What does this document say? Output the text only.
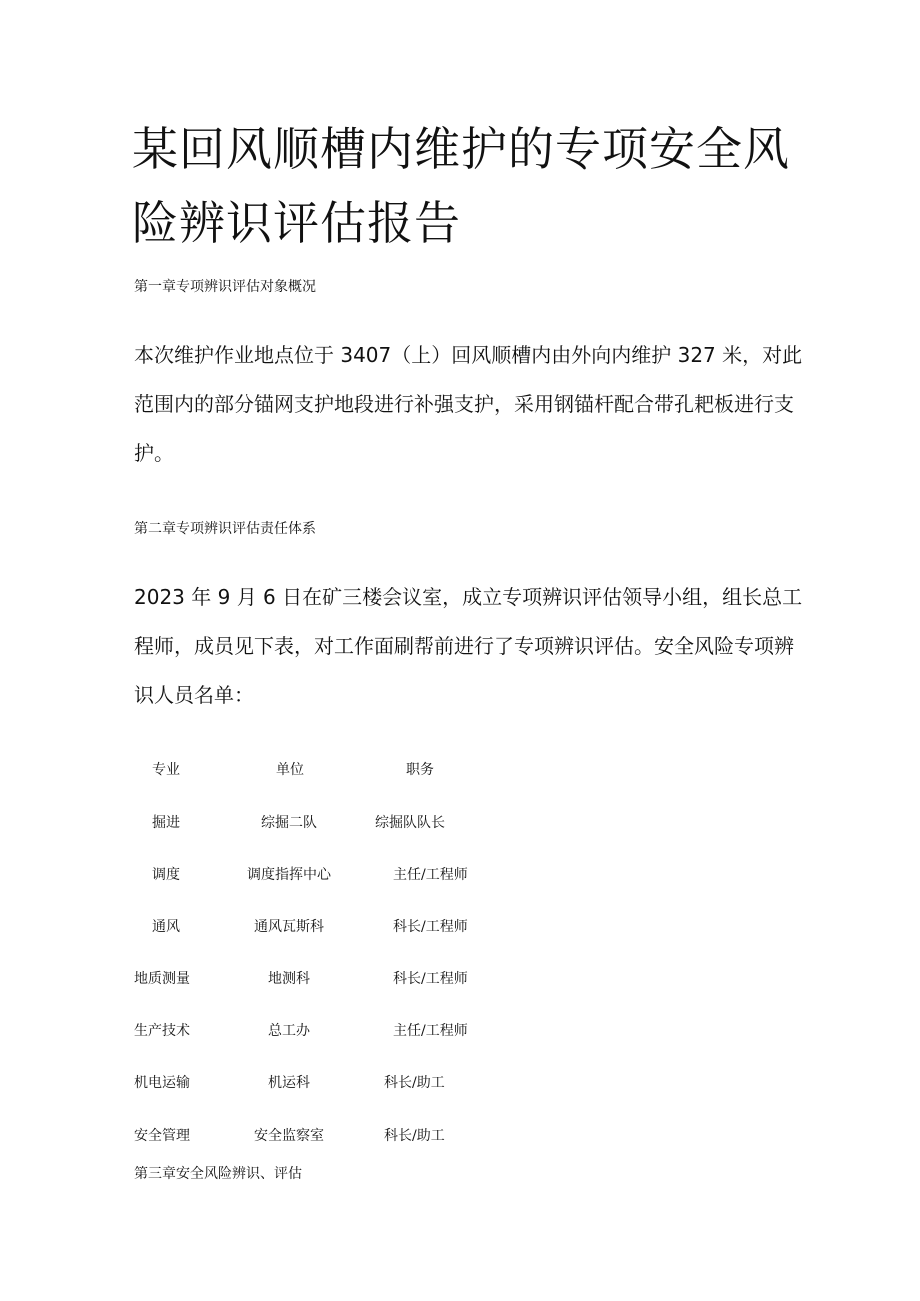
某回风顺槽内维护的专项安全风险辨识评估报告
第一章专项辨识评估对象概况
本次维护作业地点位于 3407（上）回风顺槽内由外向内维护 327 米，对此范围内的部分锚网支护地段进行补强支护，采用钢锚杆配合带孔耙板进行支护。
第二章专项辨识评估责任体系
2023 年 9 月 6 日在矿三楼会议室，成立专项辨识评估领导小组，组长总工程师，成员见下表，对工作面刷帮前进行了专项辨识评估。安全风险专项辨识人员名单：
专业	单位	职务
掘进	综掘二队	综掘队队长
调度	调度指挥中心	主任/工程师
通风	通风瓦斯科	科长/工程师
地质测量	地测科	科长/工程师
生产技术	总工办	主任/工程师
机电运输	机运科	科长/助工
安全管理	安全监察室	科长/助工
第三章安全风险辨识、评估
